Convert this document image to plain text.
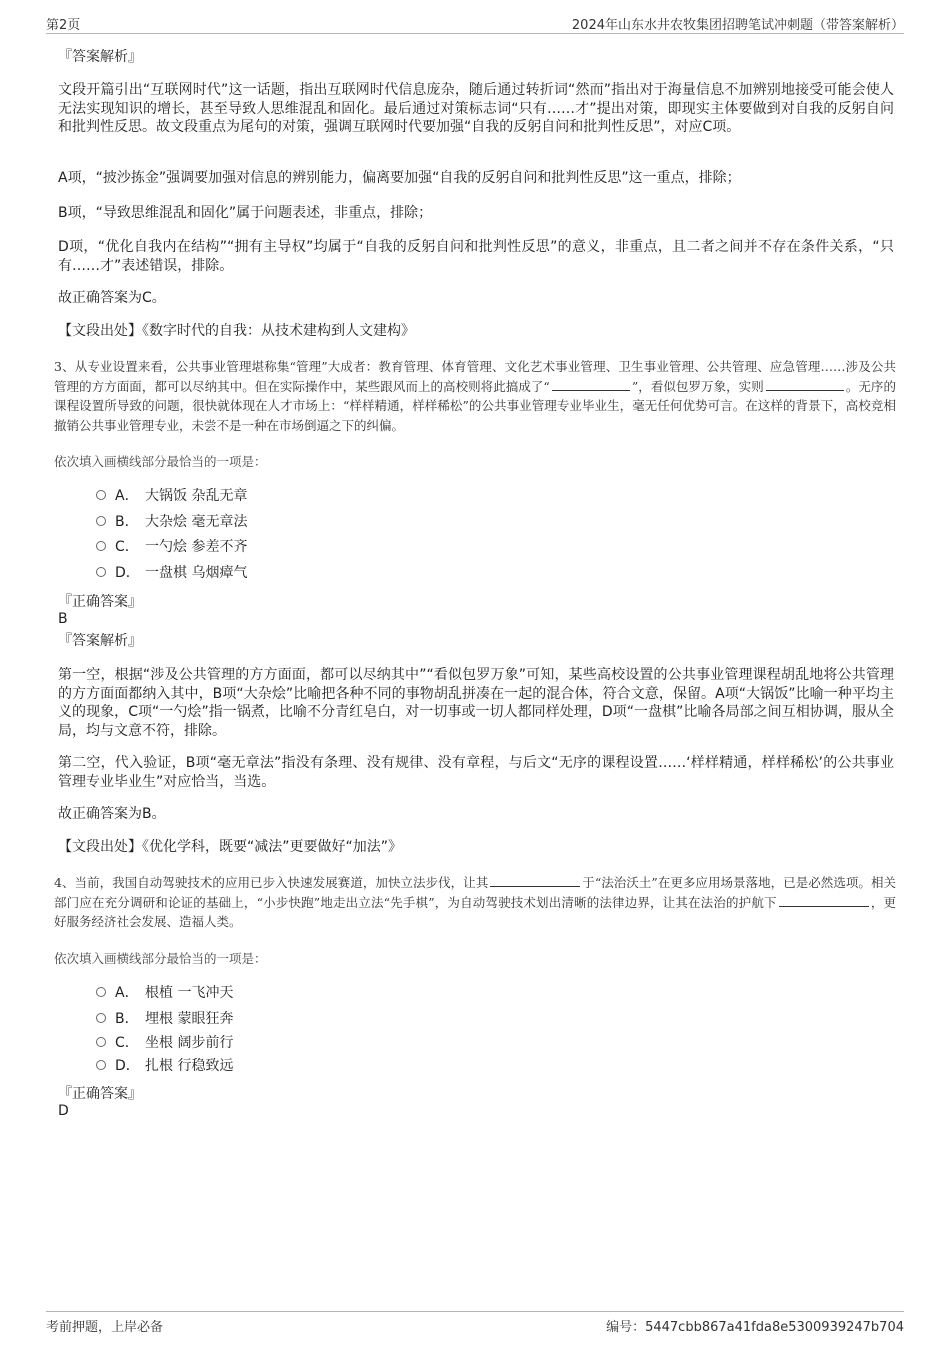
第2页	2024年山东水井农牧集团招聘笔试冲刺题（带答案解析）
『答案解析』

文段开篇引出“互联网时代”这一话题，指出互联网时代信息庞杂，随后通过转折词“然而”指出对于海量信息不加辨别地接受可能会使人无法实现知识的增长，甚至导致人思维混乱和固化。最后通过对策标志词“只有……才”提出对策，即现实主体要做到对自我的反躬自问和批判性反思。故文段重点为尾句的对策，强调互联网时代要加强“自我的反躬自问和批判性反思”，对应C项。

A项，“披沙拣金”强调要加强对信息的辨别能力，偏离要加强“自我的反躬自问和批判性反思”这一重点，排除；

B项，“导致思维混乱和固化”属于问题表述，非重点，排除；

D项，“优化自我内在结构”“拥有主导权”均属于“自我的反躬自问和批判性反思”的意义，非重点，且二者之间并不存在条件关系，“只有……才”表述错误，排除。

故正确答案为C。

【文段出处】《数字时代的自我：从技术建构到人文建构》

3、从专业设置来看，公共事业管理堪称集“管理”大成者：教育管理、体育管理、文化艺术事业管理、卫生事业管理、公共管理、应急管理……涉及公共管理的方方面面，都可以尽纳其中。但在实际操作中，某些跟风而上的高校则将此搞成了“	”，看似包罗万象，实则	。无序的课程设置所导致的问题，很快就体现在人才市场上：“样样精通，样样稀松”的公共事业管理专业毕业生，毫无任何优势可言。在这样的背景下，高校竞相撤销公共事业管理专业，未尝不是一种在市场倒逼之下的纠偏。

依次填入画横线部分最恰当的一项是：
A． 大锅饭 杂乱无章
B． 大杂烩 毫无章法
C． 一勺烩 参差不齐
D． 一盘棋 乌烟瘴气
『正确答案』
B
『答案解析』

第一空，根据“涉及公共管理的方方面面，都可以尽纳其中”“看似包罗万象”可知，某些高校设置的公共事业管理课程胡乱地将公共管理的方方面面都纳入其中，B项“大杂烩”比喻把各种不同的事物胡乱拼凑在一起的混合体，符合文意，保留。A项“大锅饭”比喻一种平均主义的现象，C项“一勺烩”指一锅煮，比喻不分青红皂白，对一切事或一切人都同样处理，D项“一盘棋”比喻各局部之间互相协调，服从全局，均与文意不符，排除。

第二空，代入验证，B项“毫无章法”指没有条理、没有规律、没有章程，与后文“无序的课程设置……‘样样精通，样样稀松’的公共事业管理专业毕业生”对应恰当，当选。

故正确答案为B。

【文段出处】《优化学科，既要“减法”更要做好“加法”》

4、当前，我国自动驾驶技术的应用已步入快速发展赛道，加快立法步伐，让其	于“法治沃土”在更多应用场景落地，已是必然选项。相关部门应在充分调研和论证的基础上，“小步快跑”地走出立法“先手棋”，为自动驾驶技术划出清晰的法律边界，让其在法治的护航下	，更好服务经济社会发展、造福人类。

依次填入画横线部分最恰当的一项是：
A． 根植 一飞冲天
B． 埋根 蒙眼狂奔
C． 坐根 阔步前行
D． 扎根 行稳致远
『正确答案』
D
考前押题，上岸必备	编号：5447cbb867a41fda8e5300939247b704
